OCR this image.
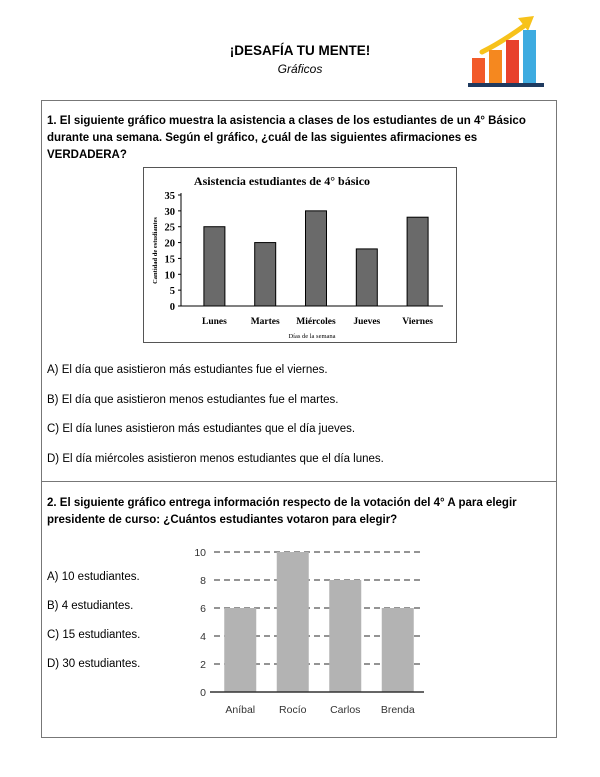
¡DESAFÍA TU MENTE!
Gráficos
1. El siguiente gráfico muestra la asistencia a clases de los estudiantes de un 4° Básico durante una semana. Según el gráfico, ¿cuál de las siguientes afirmaciones es VERDADERA?
Asistencia estudiantes de 4° básico
0
5
10
15
20
25
30
35
Lunes	Martes Miércoles Jueves Viernes
Días de la semana
Cantidad de estudiantes
A) El día que asistieron más estudiantes fue el viernes.
B) El día que asistieron menos estudiantes fue el martes.
C) El día lunes asistieron más estudiantes que el día jueves.
D) El día miércoles asistieron menos estudiantes que el día lunes.
2. El siguiente gráfico entrega información respecto de la votación del 4° A para elegir presidente de curso: ¿Cuántos estudiantes votaron para elegir?
A) 10 estudiantes.
B) 4 estudiantes.
C) 15 estudiantes.
D) 30 estudiantes.
0
2
4
6
8
10
Aníbal Rocío Carlos Brenda
